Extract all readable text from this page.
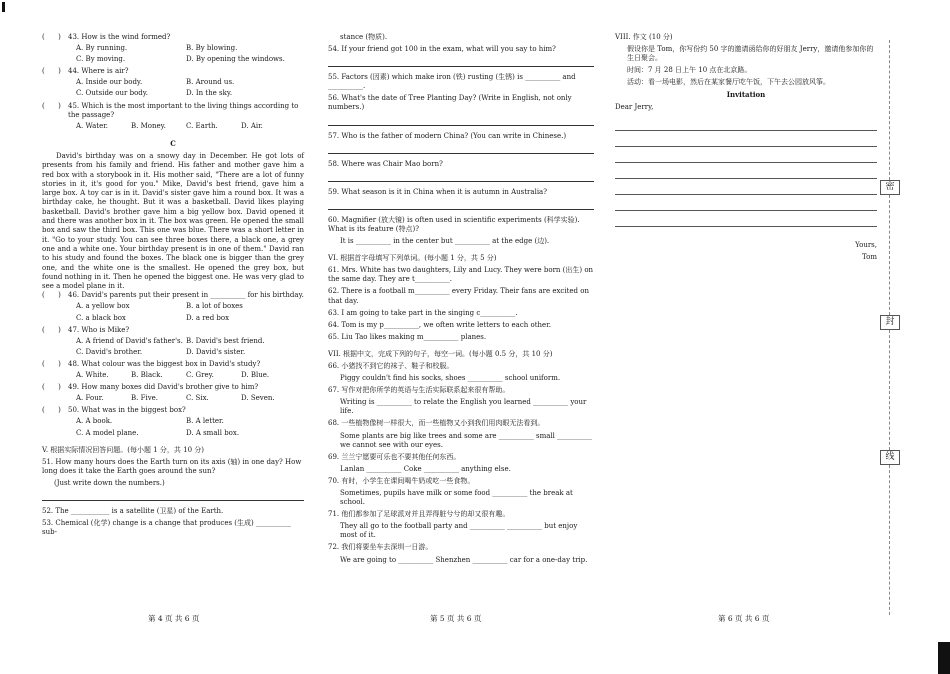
(      )	43. How is the wind formed?
A. By running.	B. By blowing.
C. By moving.	D. By opening the windows.
(      )	44. Where is air?
A. Inside our body.	B. Around us.
C. Outside our body.	D. In the sky.
(      )	45. Which is the most important to the living things according to the passage?
A. Water.	B. Money.	C. Earth.	D. Air.
C

David's birthday was on a snowy day in December. He got lots of presents from his family and friend. His father and mother gave him a red box with a storybook in it. His mother said, "There are a lot of funny stories in it, it's good for you." Mike, David's best friend, gave him a large box. A toy car is in it. David's sister gave him a round box. It was a birthday cake, he thought. But it was a basketball. David likes playing basketball. David's brother gave him a big yellow box. David opened it and there was another box in it. The box was green. He opened the small box and saw the third box. This one was blue. There was a short letter in it. "Go to your study. You can see three boxes there, a black one, a grey one and a white one. Your birthday present is in one of them." David ran to his study and found the boxes. The black one is bigger than the grey one, and the white one is the smallest. He opened the grey box, but found nothing in it. Then he opened the biggest one. He was very glad to see a model plane in it.

(      )	46. David's parents put their present in __________ for his birthday.
A. a yellow box	B. a lot of boxes
C. a black box	D. a red box
(      )	47. Who is Mike?
A. A friend of David's father's. B. David's best friend.
C. David's brother.	D. David's sister.
(      )	48. What colour was the biggest box in David's study?
A. White.	B. Black.	C. Grey.	D. Blue.
(      )	49. How many boxes did David's brother give to him?
A. Four.	B. Five.	C. Six.	D. Seven.
(      )	50. What was in the biggest box?
A. A book.	B. A letter.
C. A model plane.	D. A small box.
V. 根据实际情况回答问题。(每小题 1 分，共 10 分)
51. How many hours does the Earth turn on its axis (轴) in one day? How long does it take the Earth goes around the sun?
(Just write down the numbers.)
52. The ___________ is a satellite (卫星) of the Earth.
53. Chemical (化学) change is a change that produces (生成) __________ sub-
stance (物质).
54. If your friend got 100 in the exam, what will you say to him?
55. Factors (因素) which make iron (铁) rusting (生锈) is __________ and __________.
56. What's the date of Tree Planting Day? (Write in English, not only numbers.)
57. Who is the father of modern China? (You can write in Chinese.)
58. Where was Chair Mao born?
59. What season is it in China when it is autumn in Australia?
60. Magnifier (放大镜) is often used in scientific experiments (科学实验). What is its feature (特点)?
It is __________ in the center but __________ at the edge (边).
VI. 根据首字母填写下列单词。(每小题 1 分，共 5 分)
61. Mrs. White has two daughters, Lily and Lucy. They were born (出生) on the same day. They are t__________.
62. There is a football m__________ every Friday. Their fans are excited on that day.
63. I am going to take part in the singing c__________.
64. Tom is my p__________, we often write letters to each other.
65. Liu Tao likes making m__________ planes.
VII. 根据中文，完成下列的句子，每空一词。(每小题 0.5 分，共 10 分)
66. 小猪找不到它的袜子、鞋子和校服。
Piggy couldn't find his socks, shoes __________ school uniform.
67. 写作对把你所学的英语与生活实际联系起来很有帮助。
Writing is __________ to relate the English you learned __________ your life.
68. 一些植物像树一样很大，而一些植物又小到我们用肉眼无法看到。
Some plants are big like trees and some are __________ small __________ we cannot see with our eyes.
69. 兰兰宁愿要可乐也不要其他任何东西。
Lanlan __________ Coke __________ anything else.
70. 有时，小学生在课间喝牛奶或吃一些食物。
Sometimes, pupils have milk or some food __________ the break at school.
71. 他们都参加了足球派对并且弄得脏兮兮的却又很有趣。
They all go to the football party and __________ __________ but enjoy most of it.
72. 我们将要坐车去深圳一日游。
We are going to __________ Shenzhen __________ car for a one-day trip.
VIII. 作文 (10 分)
假设你是 Tom，你写份约 50 字的邀请函给你的好朋友 Jerry，邀请他参加你的生日聚会。
时间：7 月 28 日上午 10 点在北京路。
活动：看一场电影，然后在某家餐厅吃午饭，下午去公园放风筝。
Invitation
Dear Jerry,
Yours,
Tom
密
封
线
第 4 页 共 6 页	第 5 页 共 6 页	第 6 页 共 6 页
